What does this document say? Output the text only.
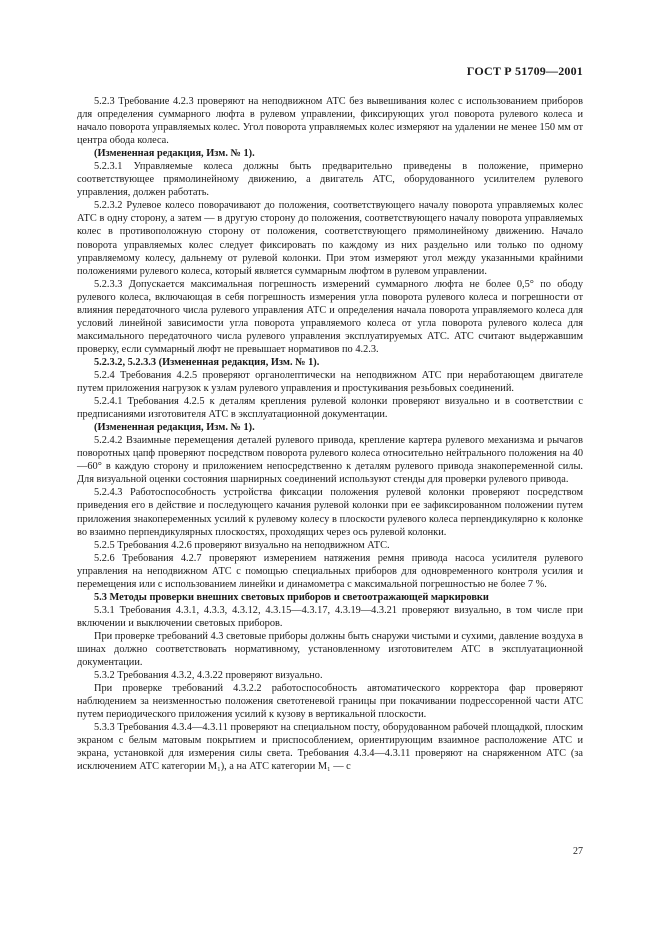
ГОСТ Р 51709—2001

5.2.3 Требование 4.2.3 проверяют на неподвижном АТС без вывешивания колес с использованием приборов для определения суммарного люфта в рулевом управлении, фиксирующих угол поворота рулевого колеса и начало поворота управляемых колес. Угол поворота управляемых колес измеряют на удалении не менее 150 мм от центра обода колеса.

(Измененная редакция, Изм. № 1).

5.2.3.1 Управляемые колеса должны быть предварительно приведены в положение, примерно соответствующее прямолинейному движению, а двигатель АТС, оборудованного усилителем рулевого управления, должен работать.

5.2.3.2 Рулевое колесо поворачивают до положения, соответствующего началу поворота управляемых колес АТС в одну сторону, а затем — в другую сторону до положения, соответствующего началу поворота управляемых колес в противоположную сторону от положения, соответствующего прямолинейному движению. Начало поворота управляемых колес следует фиксировать по каждому из них раздельно или только по одному управляемому колесу, дальнему от рулевой колонки. При этом измеряют угол между указанными крайними положениями рулевого колеса, который является суммарным люфтом в рулевом управлении.

5.2.3.3 Допускается максимальная погрешность измерений суммарного люфта не более 0,5° по ободу рулевого колеса, включающая в себя погрешность измерения угла поворота рулевого колеса и погрешности от влияния передаточного числа рулевого управления АТС и определения начала поворота управляемого колеса для условий линейной зависимости угла поворота управляемого колеса от угла поворота рулевого колеса для максимального передаточного числа рулевого управления эксплуатируемых АТС. АТС считают выдержавшим проверку, если суммарный люфт не превышает нормативов по 4.2.3.

5.2.3.2, 5.2.3.3 (Измененная редакция, Изм. № 1).

5.2.4 Требования 4.2.5 проверяют органолептически на неподвижном АТС при неработающем двигателе путем приложения нагрузок к узлам рулевого управления и простукивания резьбовых соединений.

5.2.4.1 Требования 4.2.5 к деталям крепления рулевой колонки проверяют визуально и в соответствии с предписаниями изготовителя АТС в эксплуатационной документации.

(Измененная редакция, Изм. № 1).

5.2.4.2 Взаимные перемещения деталей рулевого привода, крепление картера рулевого механизма и рычагов поворотных цапф проверяют посредством поворота рулевого колеса относительно нейтрального положения на 40—60° в каждую сторону и приложением непосредственно к деталям рулевого привода знакопеременной силы. Для визуальной оценки состояния шарнирных соединений используют стенды для проверки рулевого привода.

5.2.4.3 Работоспособность устройства фиксации положения рулевой колонки проверяют посредством приведения его в действие и последующего качания рулевой колонки при ее зафиксированном положении путем приложения знакопеременных усилий к рулевому колесу в плоскости рулевого колеса перпендикулярно к колонке во взаимно перпендикулярных плоскостях, проходящих через ось рулевой колонки.

5.2.5 Требования 4.2.6 проверяют визуально на неподвижном АТС.

5.2.6 Требования 4.2.7 проверяют измерением натяжения ремня привода насоса усилителя рулевого управления на неподвижном АТС с помощью специальных приборов для одновременного контроля усилия и перемещения или с использованием линейки и динамометра с максимальной погрешностью не более 7 %.

5.3 Методы проверки внешних световых приборов и светоотражающей маркировки

5.3.1 Требования 4.3.1, 4.3.3, 4.3.12, 4.3.15—4.3.17, 4.3.19—4.3.21 проверяют визуально, в том числе при включении и выключении световых приборов.

При проверке требований 4.3 световые приборы должны быть снаружи чистыми и сухими, давление воздуха в шинах должно соответствовать нормативному, установленному изготовителем АТС в эксплуатационной документации.

5.3.2 Требования 4.3.2, 4.3.22 проверяют визуально.

При проверке требований 4.3.2.2 работоспособность автоматического корректора фар проверяют наблюдением за неизменностью положения светотеневой границы при покачивании подрессоренной части АТС путем периодического приложения усилий к кузову в вертикальной плоскости.

5.3.3 Требования 4.3.4—4.3.11 проверяют на специальном посту, оборудованном рабочей площадкой, плоским экраном с белым матовым покрытием и приспособлением, ориентирующим взаимное расположение АТС и экрана, установкой для измерения силы света. Требования 4.3.4—4.3.11 проверяют на снаряженном АТС (за исключением АТС категории M₁), а на АТС категории M₁ — с

27
